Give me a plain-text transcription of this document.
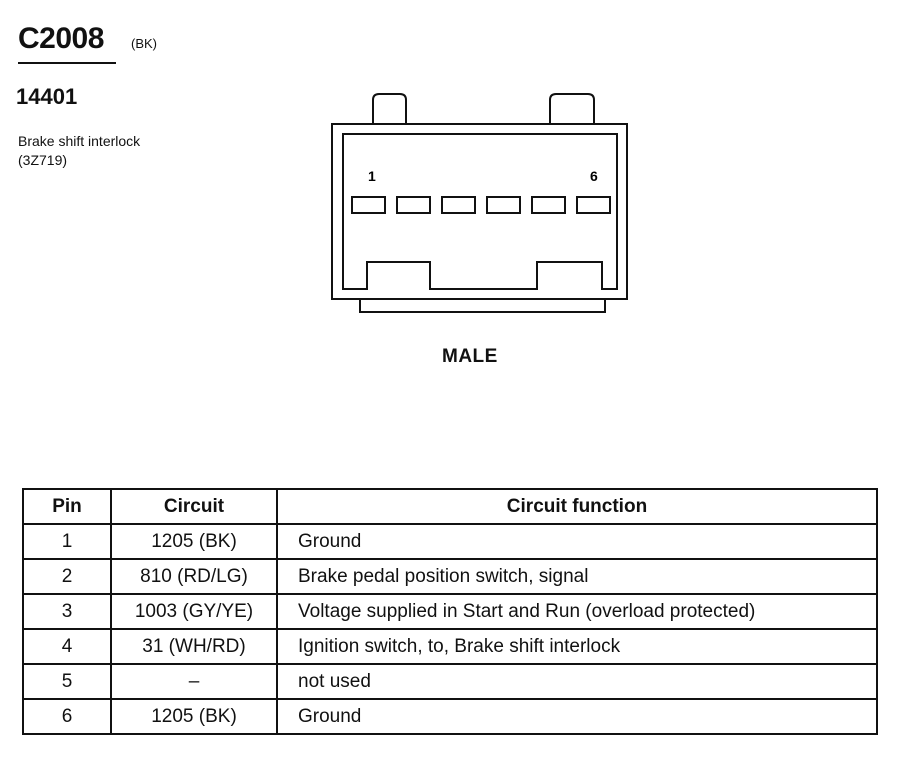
C2008 (BK)
14401
Brake shift interlock
(3Z719)
1	6
MALE
Pin	Circuit	Circuit function
1	1205 (BK)	Ground
2	810 (RD/LG)	Brake pedal position switch, signal
3	1003 (GY/YE)	Voltage supplied in Start and Run (overload protected)
4	31 (WH/RD)	Ignition switch, to, Brake shift interlock
5	–	not used
6	1205 (BK)	Ground
